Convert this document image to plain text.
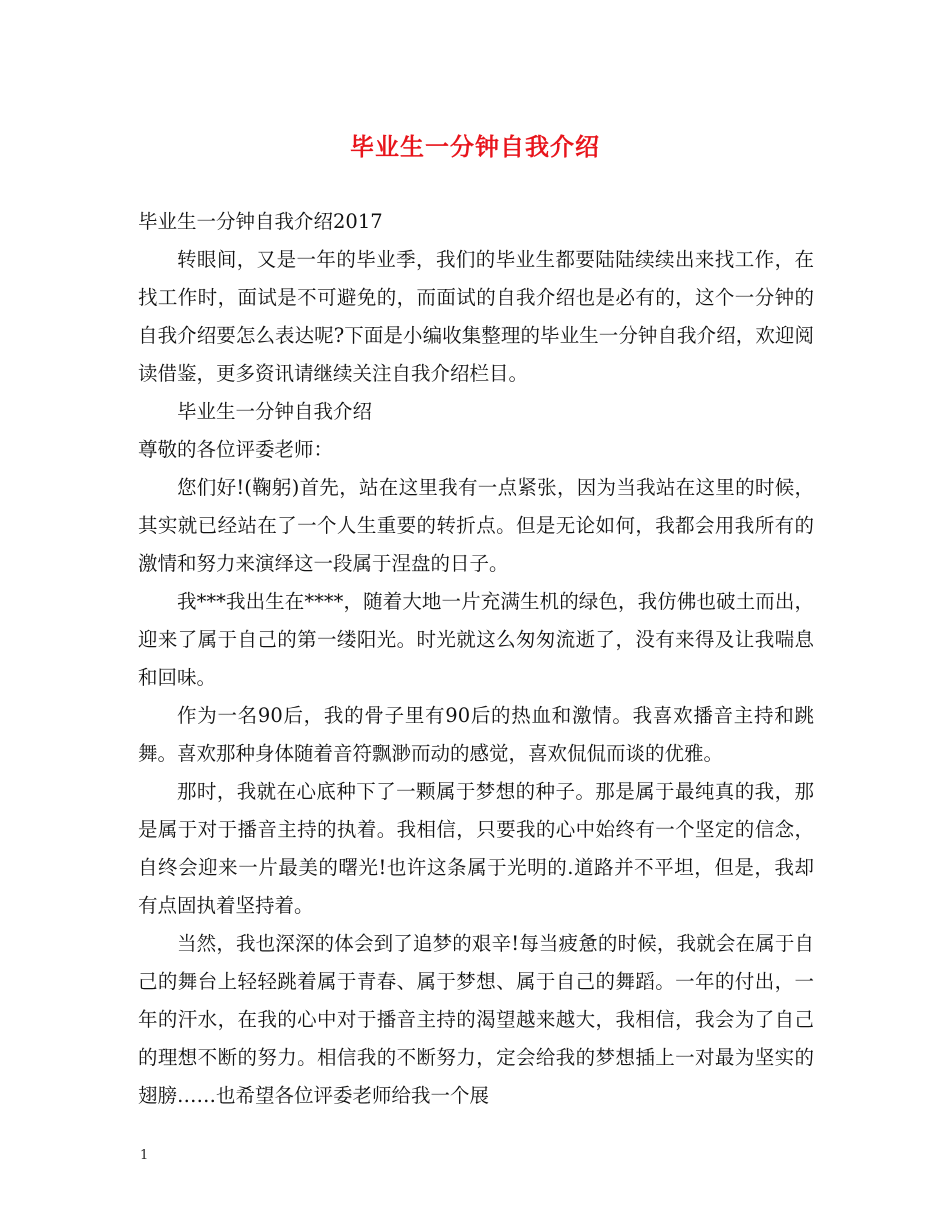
毕业生一分钟自我介绍

毕业生一分钟自我介绍2017

转眼间，又是一年的毕业季，我们的毕业生都要陆陆续续出来找工作，在找工作时，面试是不可避免的，而面试的自我介绍也是必有的，这个一分钟的自我介绍要怎么表达呢?下面是小编收集整理的毕业生一分钟自我介绍，欢迎阅读借鉴，更多资讯请继续关注自我介绍栏目。

毕业生一分钟自我介绍

尊敬的各位评委老师：

您们好!(鞠躬)首先，站在这里我有一点紧张，因为当我站在这里的时候，其实就已经站在了一个人生重要的转折点。但是无论如何，我都会用我所有的激情和努力来演绎这一段属于涅盘的日子。

我***我出生在****，随着大地一片充满生机的绿色，我仿佛也破土而出，迎来了属于自己的第一缕阳光。时光就这么匆匆流逝了，没有来得及让我喘息和回味。

作为一名90后，我的骨子里有90后的热血和激情。我喜欢播音主持和跳舞。喜欢那种身体随着音符飘渺而动的感觉，喜欢侃侃而谈的优雅。

那时，我就在心底种下了一颗属于梦想的种子。那是属于最纯真的我，那是属于对于播音主持的执着。我相信，只要我的心中始终有一个坚定的信念，自终会迎来一片最美的曙光!也许这条属于光明的.道路并不平坦，但是，我却有点固执着坚持着。

当然，我也深深的体会到了追梦的艰辛!每当疲惫的时候，我就会在属于自己的舞台上轻轻跳着属于青春、属于梦想、属于自己的舞蹈。一年的付出，一年的汗水，在我的心中对于播音主持的渴望越来越大，我相信，我会为了自己的理想不断的努力。相信我的不断努力，定会给我的梦想插上一对最为坚实的翅膀……也希望各位评委老师给我一个展

1
